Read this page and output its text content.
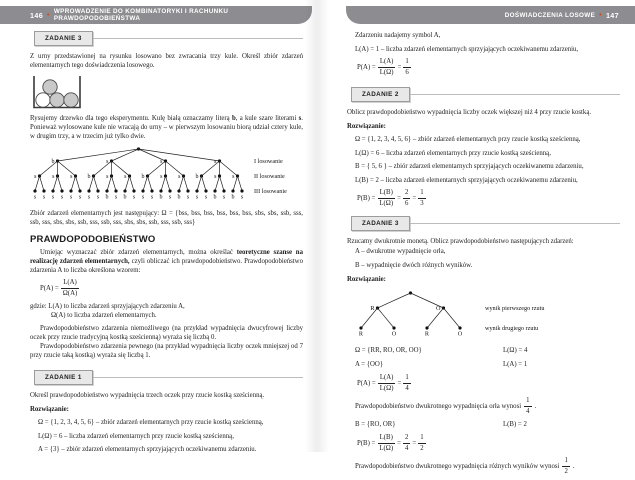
146 • WPROWADZENIE DO KOMBINATORYKI I RACHUNKU PRAWDOPODOBIEŃSTWA
ZADANIE 3

Z urny przedstawionej na rysunku losowano bez zwracania trzy kule. Określ zbiór zdarzeń elementarnych tego doświadczenia losowego.

Rysujemy drzewko dla tego eksperymentu. Kulę białą oznaczamy literą b, a kule szare literami s. Ponieważ wylosowane kule nie wracają do urny – w pierwszym losowaniu biorą udział cztery kule, w drugim trzy, a w trzecim już tylko dwie.

b	s	s	s
s	s	s	b	s	s	b	s	s	b	s	s
s s s s s s s s b s b s s s b s b s s s b s b s
I losowanie
II losowanie
III losowanie

Zbiór zdarzeń elementarnych jest następujący: Ω = {bss, bss, bss, bss, bss, bss, sbs, sbs, ssb, sss, ssb, sss, sbs, sbs, ssb, sss, ssb, sss, sbs, sbs, ssb, sss, ssb, sss}

PRAWDOPODOBIEŃSTWO

Umiejąc wyznaczać zbiór zdarzeń elementarnych, można określać teoretyczne szanse na realizację zdarzeń elementarnych, czyli obliczać ich prawdopodobieństwo. Prawdopodobieństwo zdarzenia A to liczba określona wzorem:

$P(A) = \frac{L(A)}{\Omega(A)}$
gdzie: L(A) to liczba zdarzeń sprzyjających zdarzeniu A,
Ω(A) to liczba zdarzeń elementarnych.

Prawdopodobieństwo zdarzenia niemożliwego (na przykład wypadnięcia dwucyfrowej liczby oczek przy rzucie tradycyjną kostką sześcienną) wyraża się liczbą 0.

Prawdopodobieństwo zdarzenia pewnego (na przykład wypadnięcia liczby oczek mniejszej od 7 przy rzucie taką kostką) wyraża się liczbą 1.

ZADANIE 1

Określ prawdopodobieństwo wypadnięcia trzech oczek przy rzucie kostką sześcienną.

Rozwiązanie:
Ω = {1, 2, 3, 4, 5, 6} – zbiór zdarzeń elementarnych przy rzucie kostką sześcienną,
L(Ω) = 6 – liczba zdarzeń elementarnych przy rzucie kostką sześcienną,
A = {3} – zbiór zdarzeń elementarnych sprzyjających oczekiwanemu zdarzeniu.
DOŚWIADCZENIA LOSOWE • 147
Zdarzeniu nadajemy symbol A,
L(A) = 1 – liczba zdarzeń elementarnych sprzyjających oczekiwanemu zdarzeniu,
$P(A) = \frac{L(A)}{L(\Omega)} = \frac{1}{6}$
ZADANIE 2

Oblicz prawdopodobieństwo wypadnięcia liczby oczek większej niż 4 przy rzucie kostką.

Rozwiązanie:
Ω = {1, 2, 3, 4, 5, 6} – zbiór zdarzeń elementarnych przy rzucie kostką sześcienną,
L(Ω) = 6 – liczba zdarzeń elementarnych przy rzucie kostką sześcienną,
B = { 5, 6 } – zbiór zdarzeń elementarnych sprzyjających oczekiwanemu zdarzeniu,
L(B) = 2 – liczba zdarzeń elementarnych sprzyjających oczekiwanemu zdarzeniu,
$P(B) = \frac{L(B)}{L(\Omega)} = \frac{2}{6} = \frac{1}{3}$
ZADANIE 3

Rzucamy dwukrotnie monetą. Oblicz prawdopodobieństwo następujących zdarzeń:

A – dwukrotne wypadnięcie orła,
B – wypadnięcie dwóch różnych wyników.
Rozwiązanie:
R	O
R	O	R	O
wynik pierwszego rzutu
wynik drugiego rzutu
Ω = {RR, RO, OR, OO}	L(Ω) = 4
A = {OO}	L(A) = 1
$P(A) = \frac{L(A)}{L(\Omega)} = \frac{1}{4}$
Prawdopodobieństwo dwukrotnego wypadnięcia orła wynosi $\frac{1}{4}$ .
B = {RO, OR}	L(B) = 2
$P(B) = \frac{L(B)}{L(\Omega)} = \frac{2}{4} = \frac{1}{2}$
Prawdopodobieństwo dwukrotnego wypadnięcia różnych wyników wynosi $\frac{1}{2}$ .
